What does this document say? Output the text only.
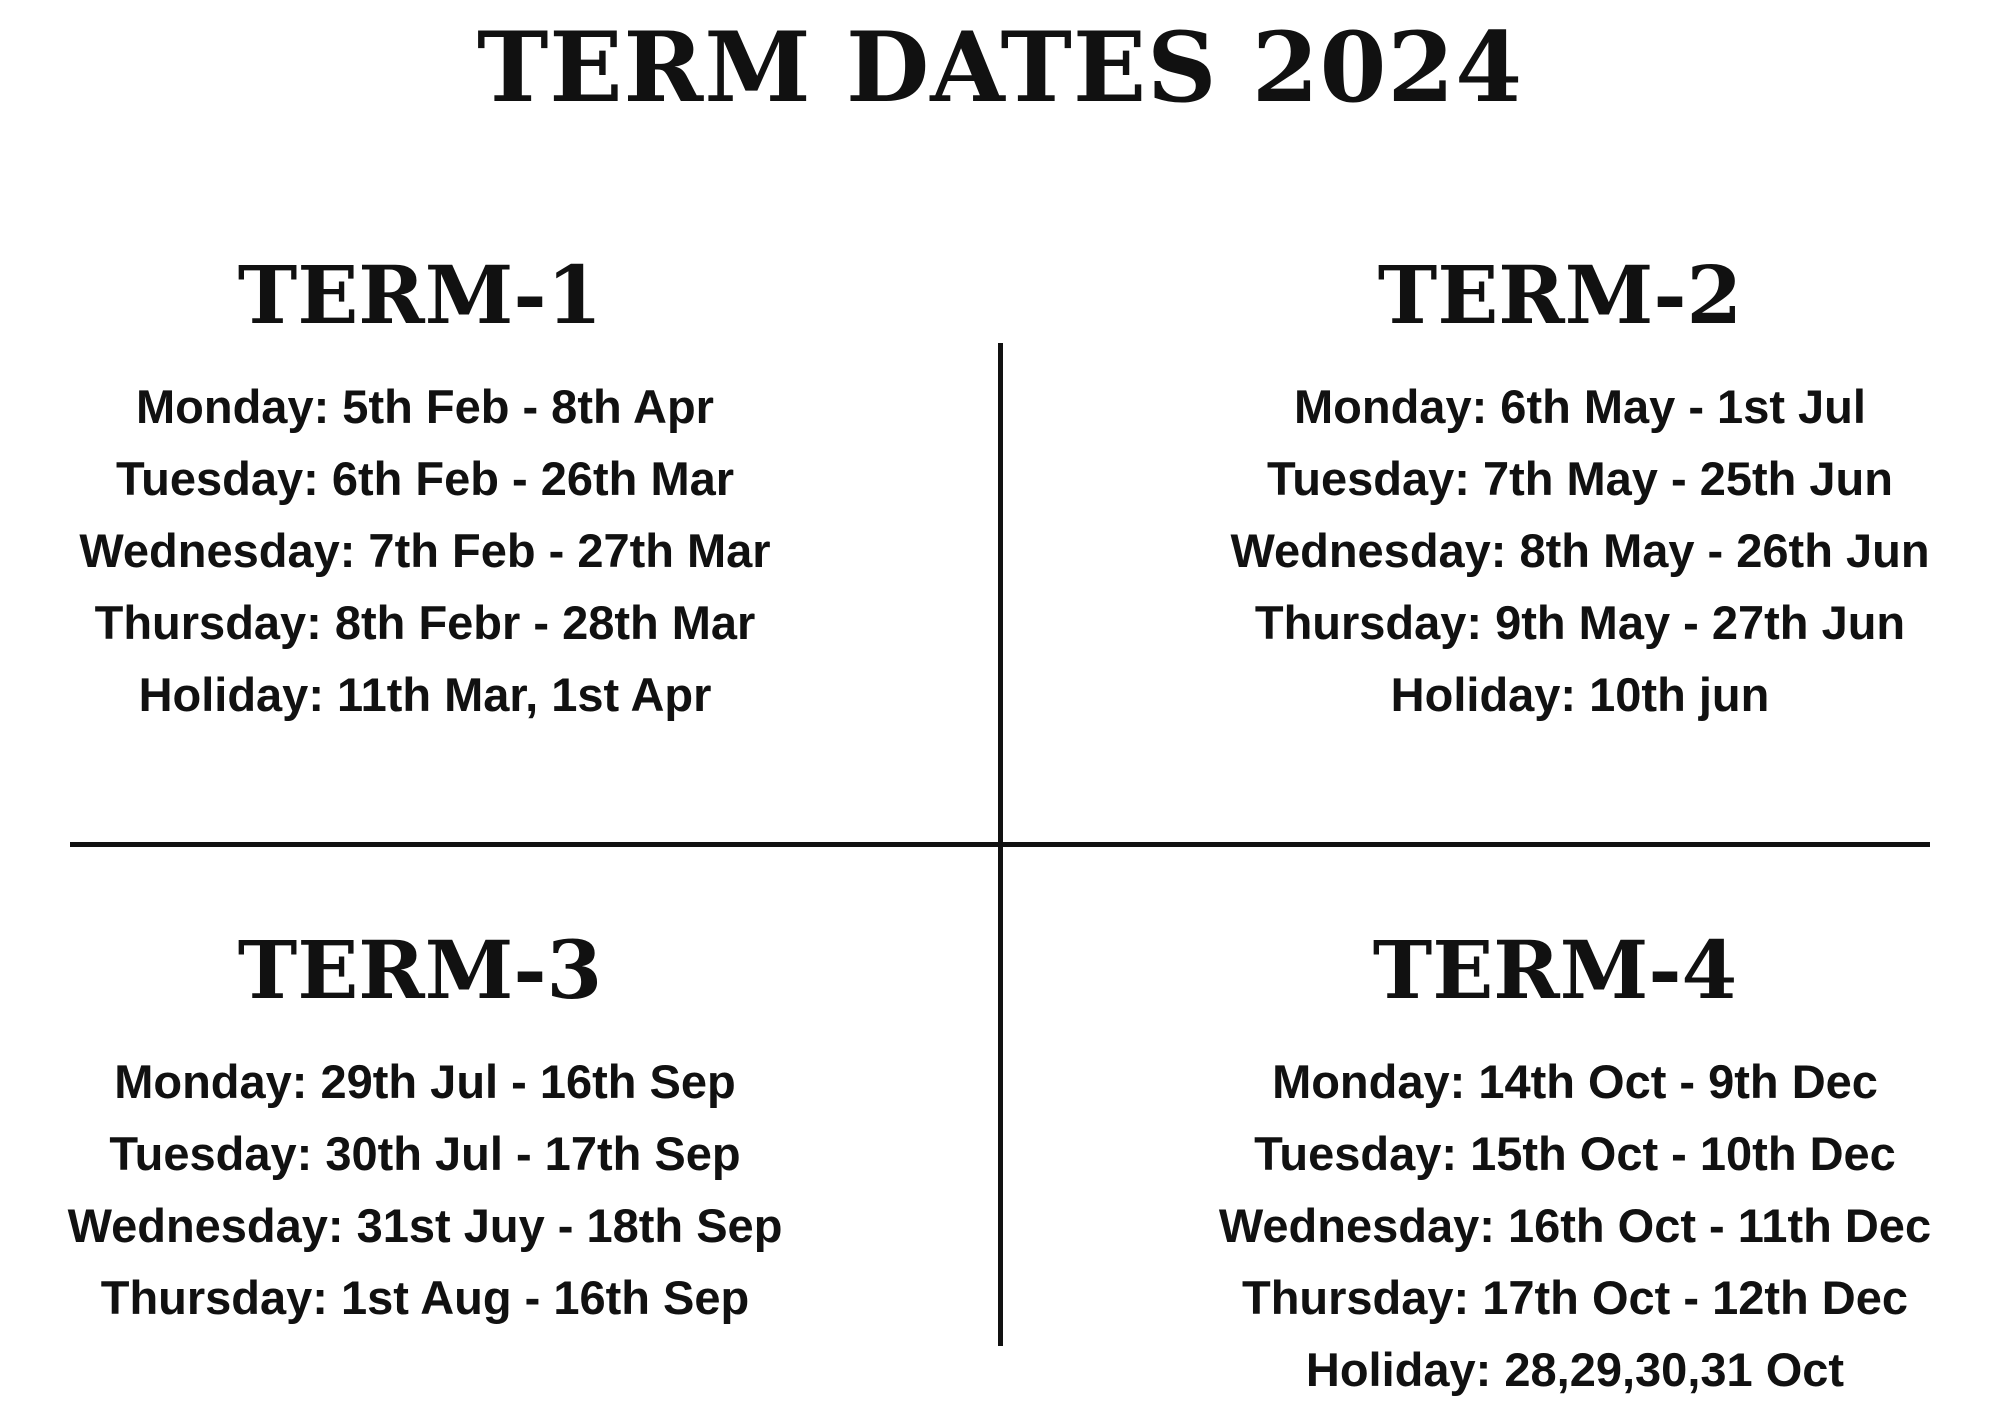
TERM DATES 2024
TERM-1
Monday: 5th Feb - 8th Apr
Tuesday: 6th Feb - 26th Mar
Wednesday: 7th Feb - 27th Mar
Thursday: 8th Febr - 28th Mar
Holiday: 11th Mar, 1st Apr
TERM-2
Monday: 6th May - 1st Jul
Tuesday: 7th May - 25th Jun
Wednesday: 8th May - 26th Jun
Thursday: 9th May - 27th Jun
Holiday: 10th jun
TERM-3
Monday: 29th Jul - 16th Sep
Tuesday: 30th Jul - 17th Sep
Wednesday: 31st Juy - 18th Sep
Thursday: 1st Aug - 16th Sep
TERM-4
Monday: 14th Oct - 9th Dec
Tuesday: 15th Oct - 10th Dec
Wednesday: 16th Oct - 11th Dec
Thursday: 17th Oct - 12th Dec
Holiday: 28,29,30,31 Oct
